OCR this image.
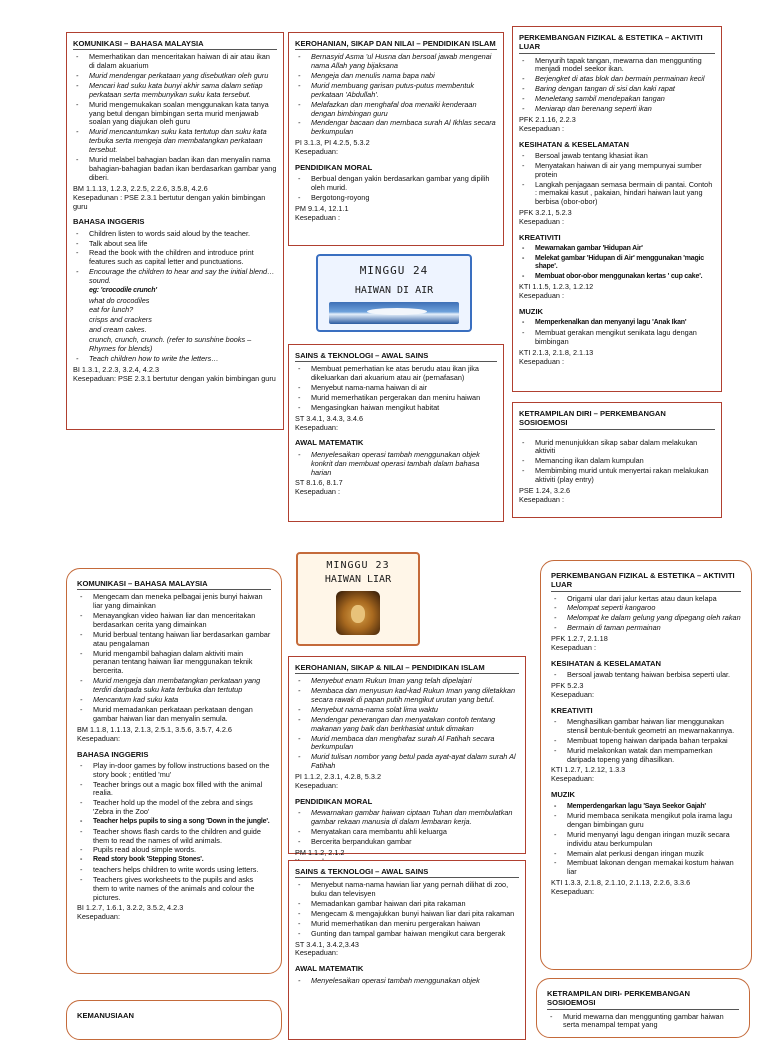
KOMUNIKASI – BAHASA MALAYSIA
- Memerhatikan dan menceritakan haiwan di air atau ikan di dalam akuarium
- Murid mendengar perkataan yang disebutkan oleh guru
- Mencari kad suku kata bunyi akhir sama dalam setiap perkataan serta membunyikan suku kata tersebut.
- Murid mengemukakan soalan menggunakan kata tanya yang betul dengan bimbingan serta murid menjawab soalan yang diajukan oleh guru
- Murid mencantumkan suku kata tertutup dan suku kata terbuka serta mengeja dan membatangkan perkataan tersebut.
- Murid melabel bahagian badan ikan dan menyalin nama bahagian-bahagian badan ikan berdasarkan gambar yang diberi.
BM 1.1.13, 1.2.3, 2.2.5, 2.2.6, 3.5.8, 4.2.6
Kesepadunan : PSE 2.3.1 bertutur dengan yakin bimbingan guru
BAHASA INGGERIS
- Children listen to words said aloud by the teacher.
- Talk about sea life
- Read the book with the children and introduce print features such as capital letter and punctuations.
- Encourage the children to hear and say the initial blend… sound.
eg: 'crocodile crunch'
what do crocodiles
eat for lunch?
crisps and crackers
and cream cakes.
crunch, crunch, crunch. (refer to sunshine books – Rhymes for blends)
- Teach children how to write the letters…
BI 1.3.1, 2.2.3, 3.2.4, 4.2.3
Kesepaduan: PSE 2.3.1 bertutur dengan yakin bimbingan guru
KEROHANIAN, SIKAP DAN NILAI – PENDIDIKAN ISLAM
- Bernasyid Asma 'ul Husna dan bersoal jawab mengenai nama Allah yang bijaksana
- Mengeja dan menulis nama bapa nabi
- Murid membuang garisan putus-putus membentuk perkataan 'Abdullah'.
- Melafazkan dan menghafal doa menaiki kenderaan dengan bimbingan guru
- Mendengar bacaan dan membaca surah Al Ikhlas secara berkumpulan
PI 3.1.3, PI 4.2.5, 5.3.2
Kesepaduan:
PENDIDIKAN MORAL
- Berbual dengan yakin berdasarkan gambar yang dipilih oleh murid.
- Bergotong-royong
PM 9.1.4, 12.1.1
Kesepaduan :
MINGGU 24
HAIWAN DI AIR
SAINS & TEKNOLOGI – AWAL SAINS
- Membuat pemerhatian ke atas berudu atau ikan jika dikeluarkan dari akuarium atau air (pernafasan)
- Menyebut nama-nama haiwan di air
- Murid memerhatikan pergerakan dan meniru haiwan
- Mengasingkan haiwan mengikut habitat
ST 3.4.1, 3.4.3, 3.4.6
Kesepaduan:
AWAL MATEMATIK
- Menyelesaikan operasi tambah menggunakan objek konkrit dan membuat operasi tambah dalam bahasa harian
ST 8.1.6, 8.1.7
Kesepaduan :
PERKEMBANGAN FIZIKAL & ESTETIKA – AKTIVITI LUAR
- Menyurih tapak tangan, mewarna dan menggunting menjadi model seekor ikan.
- Berjengket di atas blok dan bermain permainan kecil
- Baring dengan tangan di sisi dan kaki rapat
- Meneletang sambil mendepakan tangan
- Meniarap dan berenang seperti ikan
PFK 2.1.16, 2.2.3
Kesepaduan :
KESIHATAN & KESELAMATAN
- Bersoal jawab tentang khasiat ikan
- Menyatakan haiwan di air yang mempunyai sumber protein
- Langkah penjagaan semasa bermain di pantai. Contoh : memakai kasut , pakaian, hindari haiwan laut yang berbisa (obor-obor)
PFK 3.2.1, 5.2.3
Kesepaduan :
KREATIVITI
- Mewarnakan gambar 'Hidupan Air'
- Melekat gambar 'Hidupan di Air' menggunakan 'magic shape'.
- Membuat obor-obor menggunakan kertas ' cup cake'.
KTI 1.1.5, 1.2.3, 1.2.12
Kesepaduan :
MUZIK
- Memperkenalkan dan menyanyi lagu 'Anak Ikan'
- Membuat gerakan mengikut senikata lagu dengan bimbingan
KTI 2.1.3, 2.1.8, 2.1.13
Kesepaduan :
KETRAMPILAN DIRI – PERKEMBANGAN SOSIOEMOSI
- Murid menunjukkan sikap sabar dalam melakukan aktiviti
- Memancing ikan dalam kumpulan
- Membimbing murid untuk menyertai rakan melakukan aktiviti (play entry)
PSE 1.24, 3.2.6
Kesepaduan :
MINGGU 23
HAIWAN LIAR
KOMUNIKASI – BAHASA MALAYSIA
- Mengecam dan meneka pelbagai jenis bunyi haiwan liar yang dimainkan
- Menayangkan video haiwan liar dan menceritakan berdasarkan cerita yang dimainkan
- Murid berbual tentang haiwan liar berdasarkan gambar atau pengalaman
- Murid mengambil bahagian dalam aktiviti main peranan tentang haiwan liar menggunakan teknik bercerita.
- Murid mengeja dan membatangkan perkataan yang terdiri daripada suku kata terbuka dan tertutup
- Mencantum kad suku kata
- Murid memadankan perkataan perkataan dengan gambar haiwan liar dan menyalin semula.
BM 1.1.8, 1.1.13, 2.1.3, 2.5.1, 3.5.6, 3.5.7, 4.2.6
Kesepaduan:
BAHASA INGGERIS
- Play in-door games by follow instructions based on the story book ; entitled 'mu'
- Teacher brings out a magic box filled with the animal realia.
- Teacher hold up the model of the zebra and sings 'Zebra in the Zoo'
- Teacher helps pupils to sing a song 'Down in the jungle'.
- Teacher shows flash cards to the children and guide them to read the names of wild animals.
- Pupils read aloud simple words.
- Read story book 'Stepping Stones'.
- teachers helps children to write words using letters.
- Teachers gives worksheets to the pupils and asks them to write names of the animals and colour the pictures.
BI 1.2.7, 1.6.1, 3.2.2, 3.5.2, 4.2.3
Kesepaduan:
KEMANUSIAAN
KEROHANIAN, SIKAP & NILAI – PENDIDIKAN ISLAM
- Menyebut enam Rukun Iman yang telah dipelajari
- Membaca dan menyusun kad-kad Rukun Iman yang diletakkan secara rawak di papan putih mengikut urutan yang betul.
- Menyebut nama-nama solat lima waktu
- Mendengar penerangan dan menyatakan contoh tentang makanan yang baik dan berkhasiat untuk dimakan
- Murid membaca dan menghafaz surah Al Fatihah secara berkumpulan
- Murid tulisan nombor yang betul pada ayat-ayat dalam surah Al Fatihah
PI 1.1.2, 2.3.1, 4.2.8, 5.3.2
Kesepaduan:
PENDIDIKAN MORAL
- Mewarnakan gambar haiwan ciptaan Tuhan dan membulatkan gambar rekaan manusia di dalam lembaran kerja.
- Menyatakan cara membantu ahli keluarga
- Bercerita berpandukan gambar
PM 1.1.2, 2.1.2
SAINS & TEKNOLOGI – AWAL SAINS
- Menyebut nama-nama hawian liar yang pernah dilihat di zoo, buku dan televisyen
- Memadankan gambar haiwan dari pita rakaman
- Mengecam & mengajukkan bunyi haiwan liar dari pita rakaman
- Murid memerhatikan dan meniru pergerakan haiwan
- Gunting dan tampal gambar haiwan mengikut cara bergerak
ST 3.4.1, 3.4.2,3.43
Kesepaduan:
AWAL MATEMATIK
- Menyelesaikan operasi tambah menggunakan objek
PERKEMBANGAN FIZIKAL & ESTETIKA – AKTIVITI LUAR
- Origami ular dari jalur kertas atau daun kelapa
- Melompat seperti kangaroo
- Melompat ke dalam gelung yang dipegang oleh rakan
- Bermain di taman permainan
PFK 1.2.7, 2.1.18
Kesepaduan :
KESIHATAN & KESELAMATAN
- Bersoal jawab tentang haiwan berbisa seperti ular.
PFK 5.2.3
Kesepaduan:
KREATIVITI
- Menghasilkan gambar haiwan liar menggunakan stensil bentuk-bentuk geometri an mewarnakannya.
- Membuat topeng haiwan daripada bahan terpakai
- Murid melakonkan watak dan mempamerkan daripada topeng yang dihasilkan.
KTI 1.2.7, 1.2.12, 1.3.3
Kesepaduan:
MUZIK
- Memperdengarkan lagu 'Saya Seekor Gajah'
- Murid membaca senikata mengikut pola irama lagu dengan bimbingan guru
- Murid menyanyi lagu dengan iringan muzik secara individu atau berkumpulan
- Memain alat perkusi dengan iringan muzik
- Membuat lakonan dengan memakai kostum haiwan liar
KTI 1.3.3, 2.1.8, 2.1.10, 2.1.13, 2.2.6, 3.3.6
Kesepaduan:
KETRAMPILAN DIRI- PERKEMBANGAN SOSIOEMOSI
- Murid mewarna dan menggunting gambar haiwan serta menampal tempat yang
